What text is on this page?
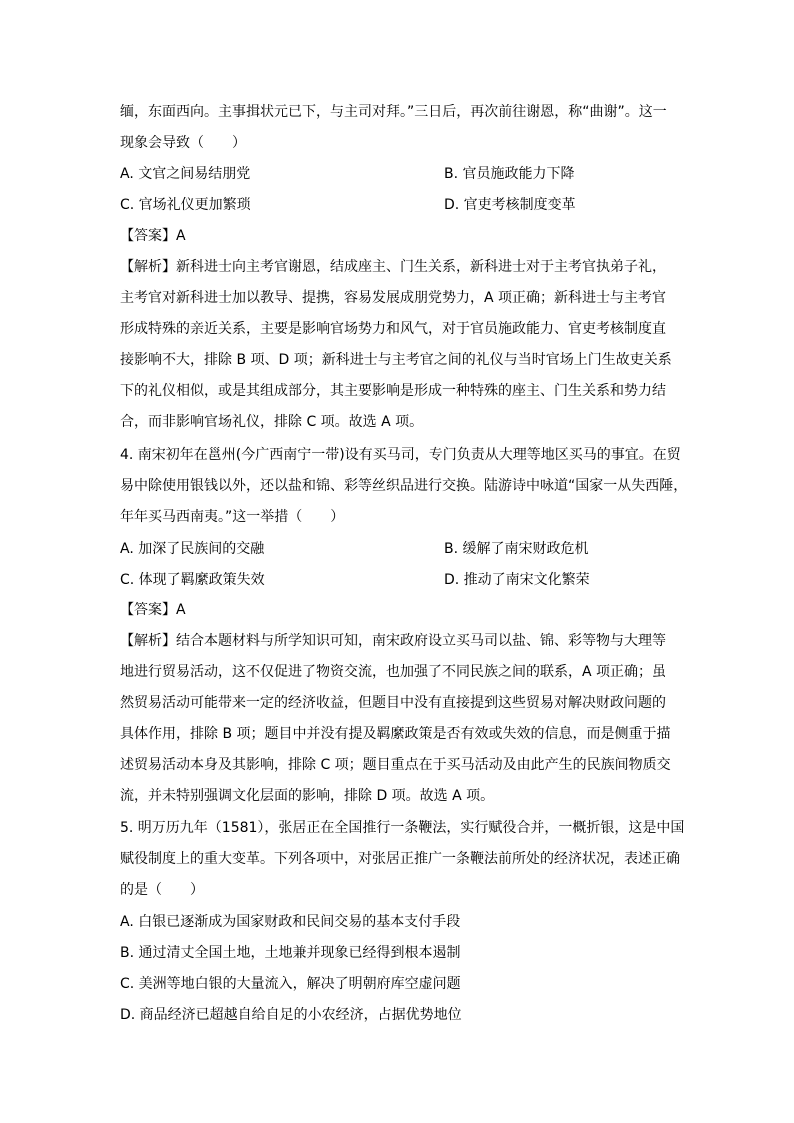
缅，东面西向。主事揖状元已下，与主司对拜。”三日后，再次前往谢恩，称“曲谢”。这一
现象会导致（　　）
A. 文官之间易结朋党	B. 官员施政能力下降
C. 官场礼仪更加繁琐	D. 官吏考核制度变革
【答案】A
【解析】新科进士向主考官谢恩，结成座主、门生关系，新科进士对于主考官执弟子礼，
主考官对新科进士加以教导、提携，容易发展成朋党势力，A 项正确；新科进士与主考官
形成特殊的亲近关系，主要是影响官场势力和风气，对于官员施政能力、官吏考核制度直
接影响不大，排除 B 项、D 项；新科进士与主考官之间的礼仪与当时官场上门生故吏关系
下的礼仪相似，或是其组成部分，其主要影响是形成一种特殊的座主、门生关系和势力结
合，而非影响官场礼仪，排除 C 项。故选 A 项。
4. 南宋初年在邕州(今广西南宁一带)设有买马司，专门负责从大理等地区买马的事宜。在贸
易中除使用银钱以外，还以盐和锦、彩等丝织品进行交换。陆游诗中咏道“国家一从失西陲，
年年买马西南夷。”这一举措（　　）
A. 加深了民族间的交融	B. 缓解了南宋财政危机
C. 体现了羁縻政策失效	D. 推动了南宋文化繁荣
【答案】A
【解析】结合本题材料与所学知识可知，南宋政府设立买马司以盐、锦、彩等物与大理等
地进行贸易活动，这不仅促进了物资交流，也加强了不同民族之间的联系，A 项正确；虽
然贸易活动可能带来一定的经济收益，但题目中没有直接提到这些贸易对解决财政问题的
具体作用，排除 B 项；题目中并没有提及羁縻政策是否有效或失效的信息，而是侧重于描
述贸易活动本身及其影响，排除 C 项；题目重点在于买马活动及由此产生的民族间物质交
流，并未特别强调文化层面的影响，排除 D 项。故选 A 项。
5. 明万历九年（1581），张居正在全国推行一条鞭法，实行赋役合并，一概折银，这是中国
赋役制度上的重大变革。下列各项中，对张居正推广一条鞭法前所处的经济状况，表述正确
的是（　　）
A. 白银已逐渐成为国家财政和民间交易的基本支付手段
B. 通过清丈全国土地，土地兼并现象已经得到根本遏制
C. 美洲等地白银的大量流入，解决了明朝府库空虚问题
D. 商品经济已超越自给自足的小农经济，占据优势地位
